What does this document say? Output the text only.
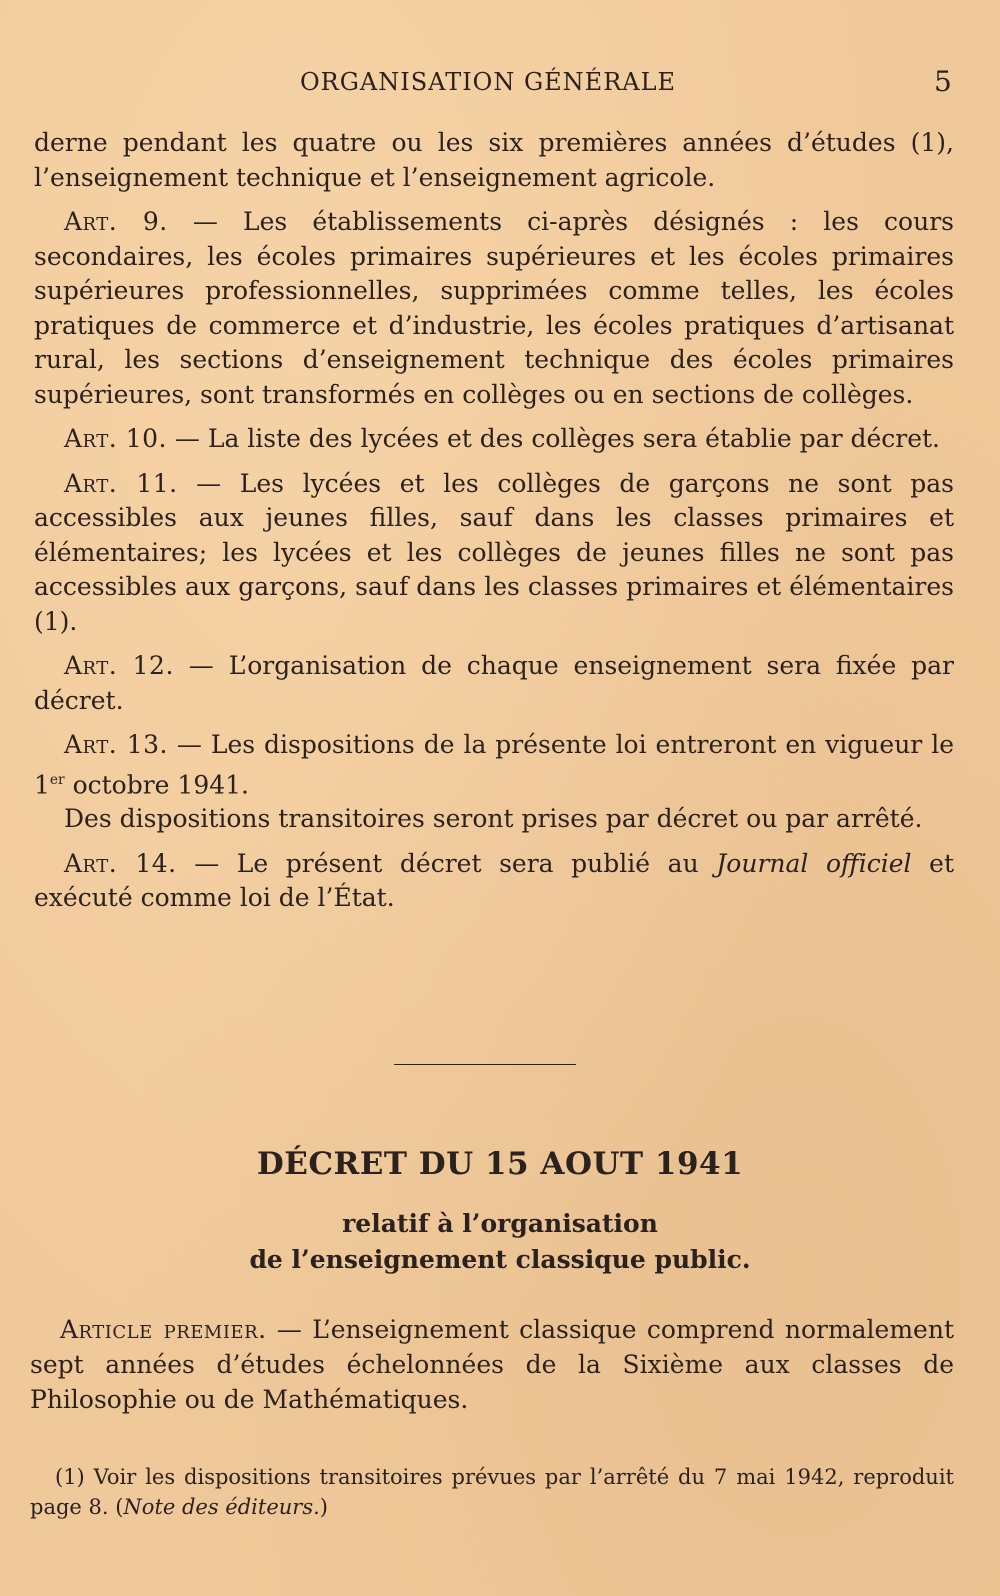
ORGANISATION GÉNÉRALE	5

derne pendant les quatre ou les six premières années d’études (1), l’enseignement technique et l’enseignement agricole.

Art. 9. — Les établissements ci-après désignés : les cours secondaires, les écoles primaires supérieures et les écoles primaires supérieures professionnelles, supprimées comme telles, les écoles pratiques de commerce et d’industrie, les écoles pratiques d’artisanat rural, les sections d’enseignement technique des écoles primaires supérieures, sont transformés en collèges ou en sections de collèges.

Art. 10. — La liste des lycées et des collèges sera établie par décret.

Art. 11. — Les lycées et les collèges de garçons ne sont pas accessibles aux jeunes filles, sauf dans les classes primaires et élémentaires; les lycées et les collèges de jeunes filles ne sont pas accessibles aux garçons, sauf dans les classes primaires et élémentaires (1).

Art. 12. — L’organisation de chaque enseignement sera fixée par décret.

Art. 13. — Les dispositions de la présente loi entreront en vigueur le 1er octobre 1941.

Des dispositions transitoires seront prises par décret ou par arrêté.

Art. 14. — Le présent décret sera publié au Journal officiel et exécuté comme loi de l’État.

DÉCRET DU 15 AOUT 1941
relatif à l’organisation
de l’enseignement classique public.

Article premier. — L’enseignement classique comprend normalement sept années d’études échelonnées de la Sixième aux classes de Philosophie ou de Mathématiques.

(1) Voir les dispositions transitoires prévues par l’arrêté du 7 mai 1942, reproduit page 8. (Note des éditeurs.)
